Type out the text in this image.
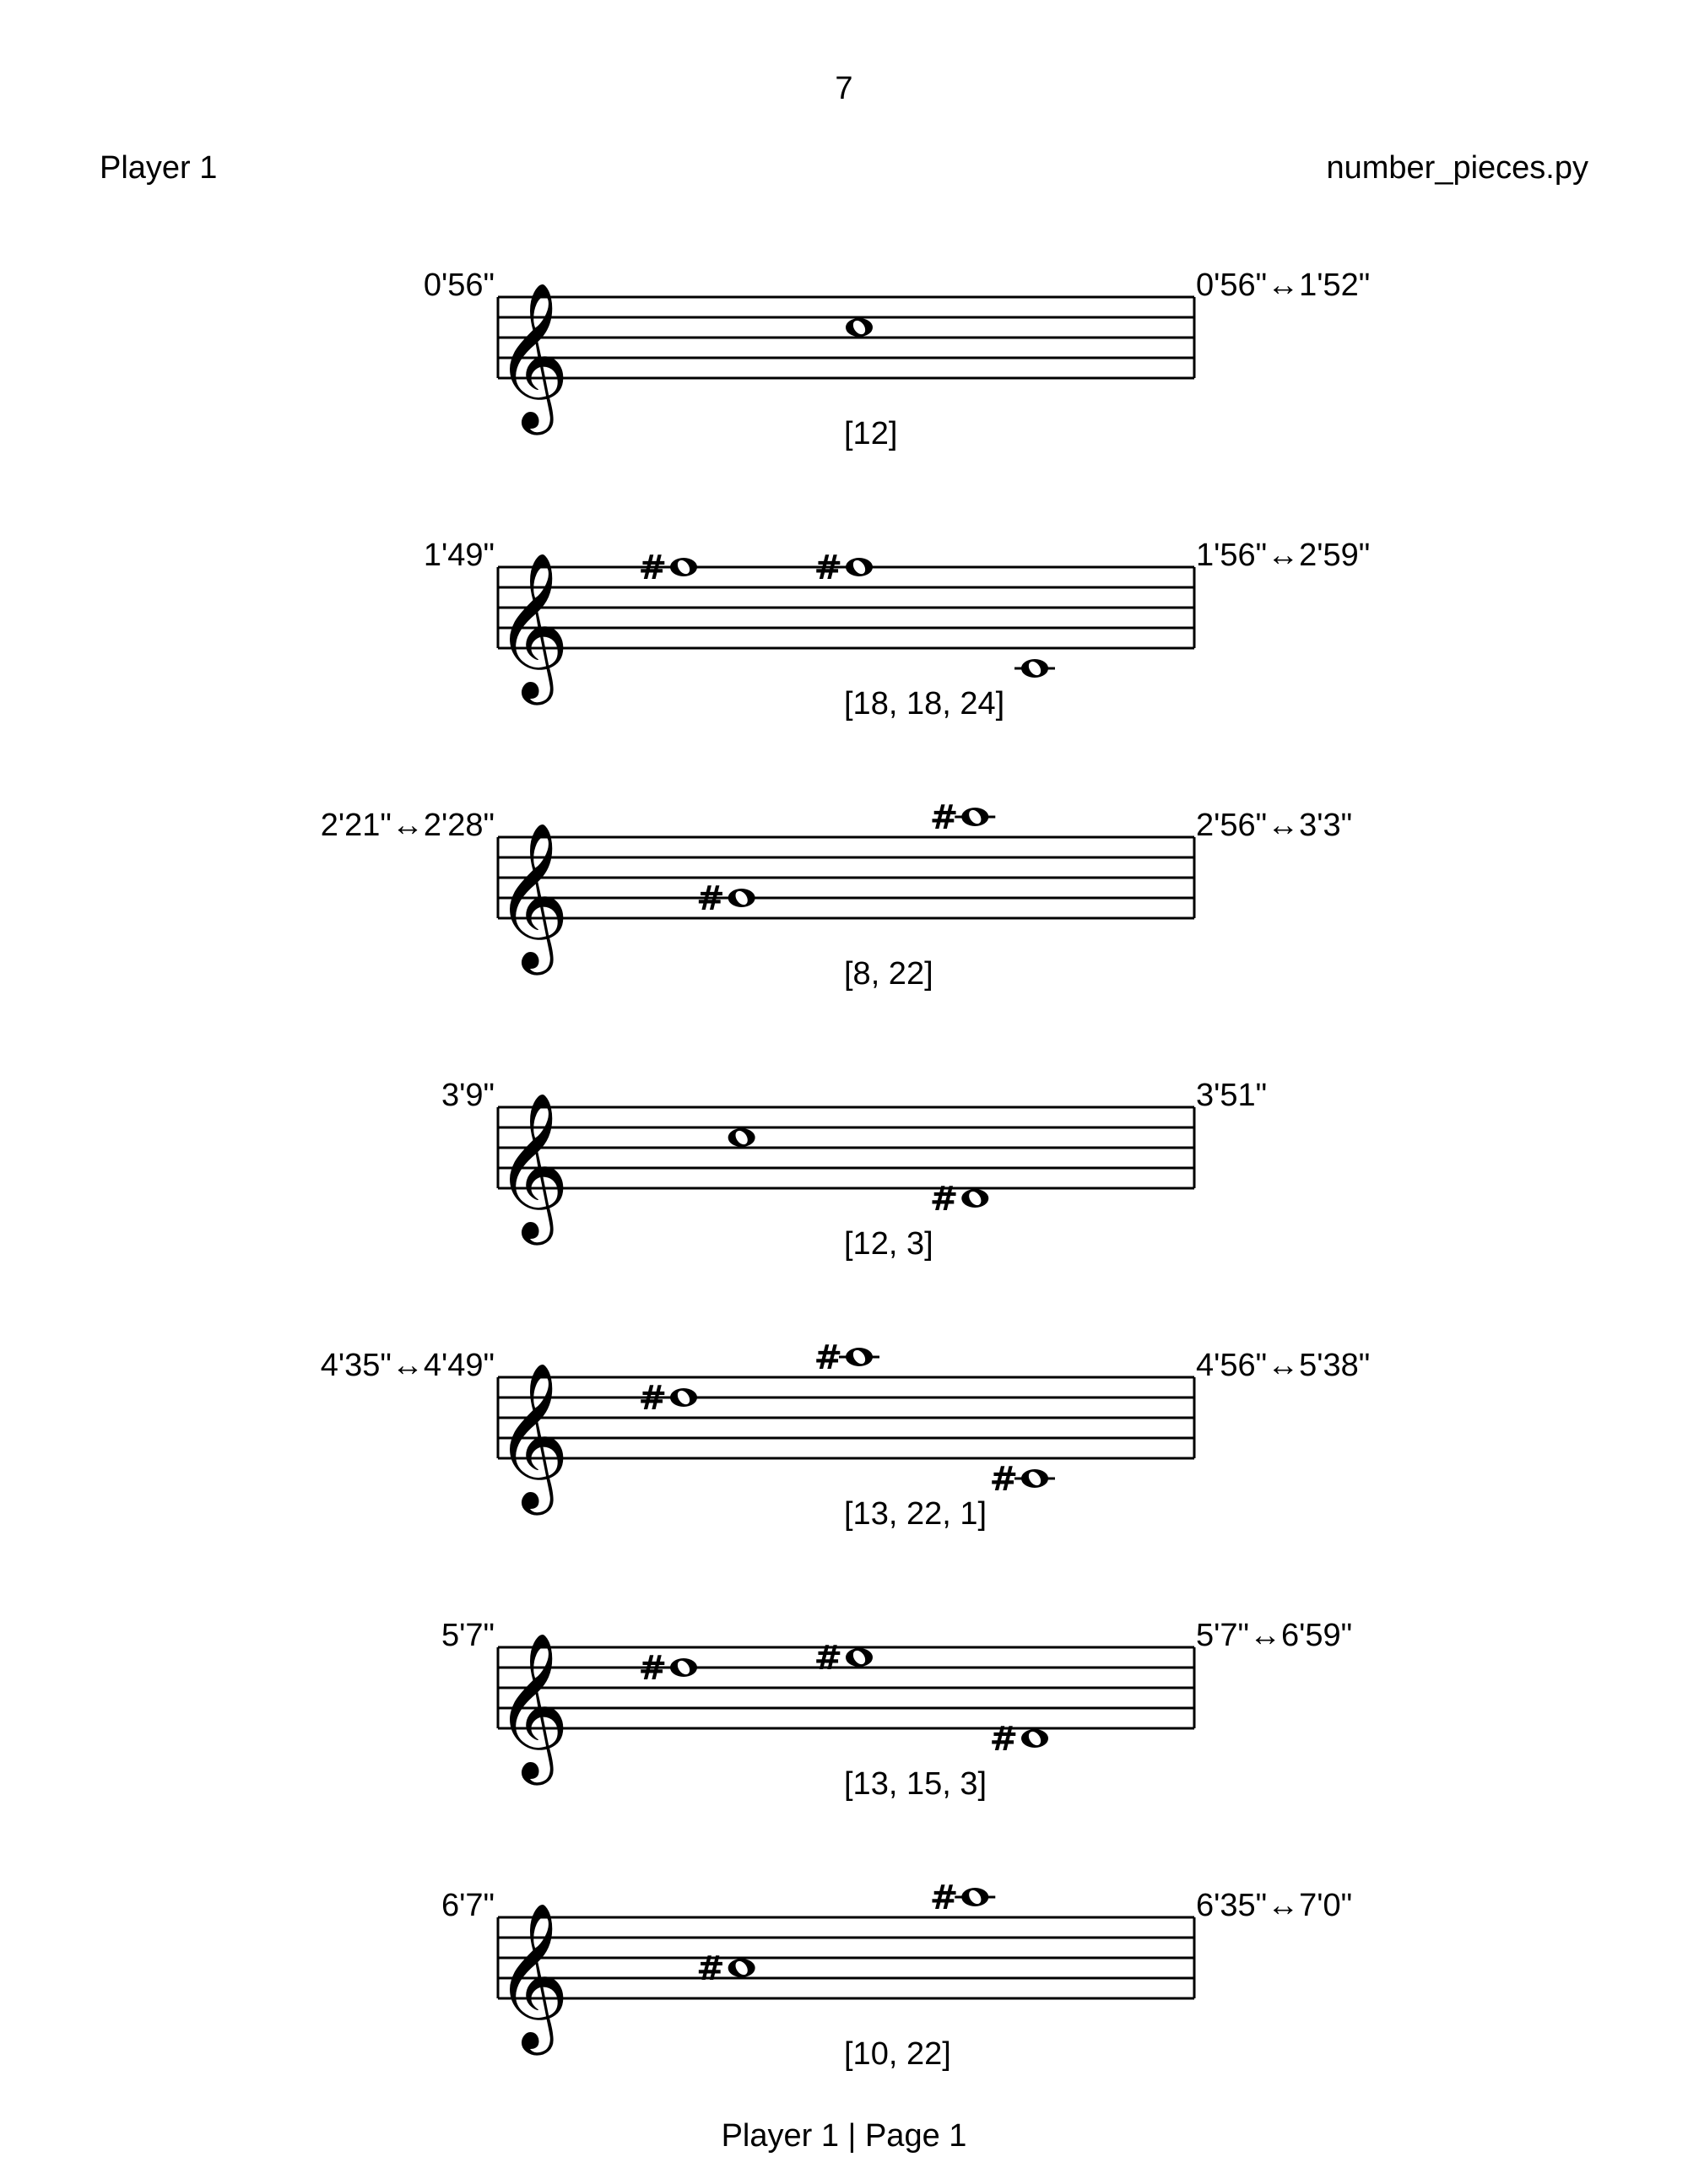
7
Player 1	number_pieces.py
𝄞
0'56"	0'56"↔1'52"
[12]
𝄞
1'49"	1'56"↔2'59"
[18, 18, 24]
#	#
𝄞
2'21"↔2'28"	2'56"↔3'3"
[8, 22]
#
#
𝄞
3'9"	3'51"
[12, 3]
#
𝄞
4'35"↔4'49"	4'56"↔5'38"
[13, 22, 1]
#
#
#
𝄞
5'7"	5'7"↔6'59"
[13, 15, 3]
#	#
#
𝄞
6'7"	6'35"↔7'0"
[10, 22]
#
#
Player 1 | Page 1
